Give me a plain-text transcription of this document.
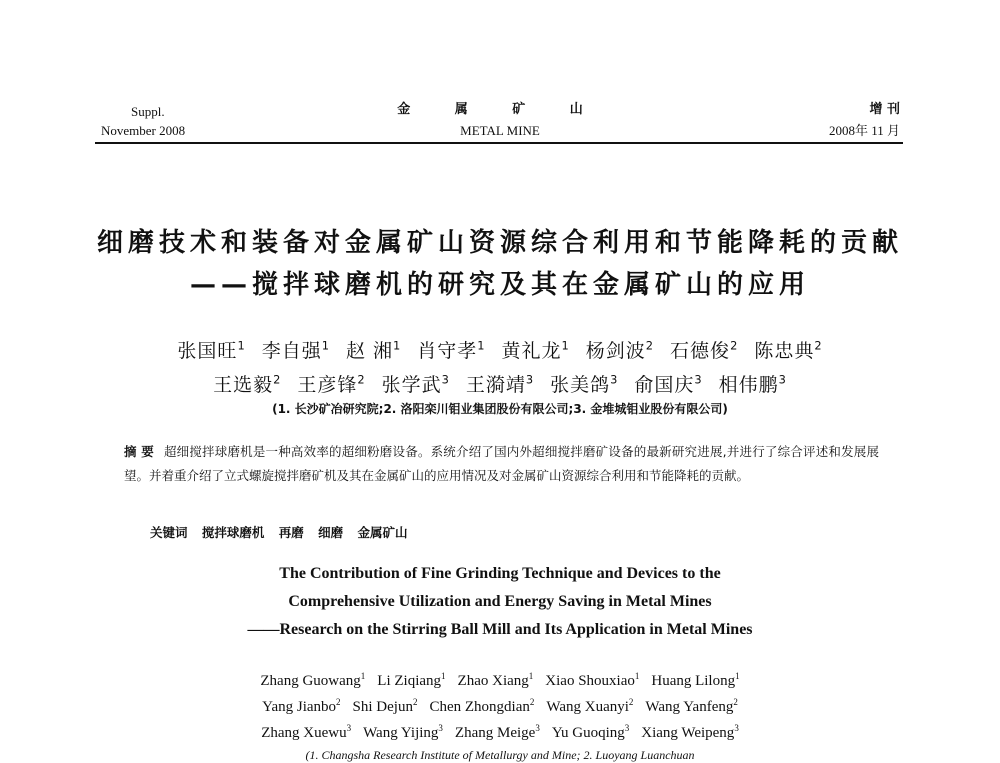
Suppl.
November 2008
金 属 矿 山
METAL MINE
增 刊
2008年 11 月
细磨技术和装备对金属矿山资源综合利用和节能降耗的贡献
——搅拌球磨机的研究及其在金属矿山的应用
张国旺$^1$ 李自强$^1$ 赵 湘$^1$ 肖守孝$^1$ 黄礼龙$^1$ 杨剑波$^2$ 石德俊$^2$ 陈忠典$^2$
王选毅$^2$ 王彦锋$^2$ 张学武$^3$ 王漪靖$^3$ 张美鸽$^3$ 俞国庆$^3$ 相伟鹏$^3$
(1. 长沙矿冶研究院;2. 洛阳栾川钼业集团股份有限公司;3. 金堆城钼业股份有限公司)
摘 要 超细搅拌球磨机是一种高效率的超细粉磨设备。系统介绍了国内外超细搅拌磨矿设备的最新研究进展,并进行了综合评述和发展展望。并着重介绍了立式螺旋搅拌磨矿机及其在金属矿山的应用情况及对金属矿山资源综合利用和节能降耗的贡献。
关键词 搅拌球磨机 再磨 细磨 金属矿山
The Contribution of Fine Grinding Technique and Devices to the
Comprehensive Utilization and Energy Saving in Metal Mines
——Research on the Stirring Ball Mill and Its Application in Metal Mines
Zhang Guowang$^1$ Li Ziqiang$^1$ Zhao Xiang$^1$ Xiao Shouxiao$^1$ Huang Lilong$^1$
Yang Jianbo$^2$ Shi Dejun$^2$ Chen Zhongdian$^2$ Wang Xuanyi$^2$ Wang Yanfeng$^2$
Zhang Xuewu$^3$ Wang Yijing$^3$ Zhang Meige$^3$ Yu Guoqing$^3$ Xiang Weipeng$^3$
(1. Changsha Research Institute of Metallurgy and Mine; 2. Luoyang Luanchuan
